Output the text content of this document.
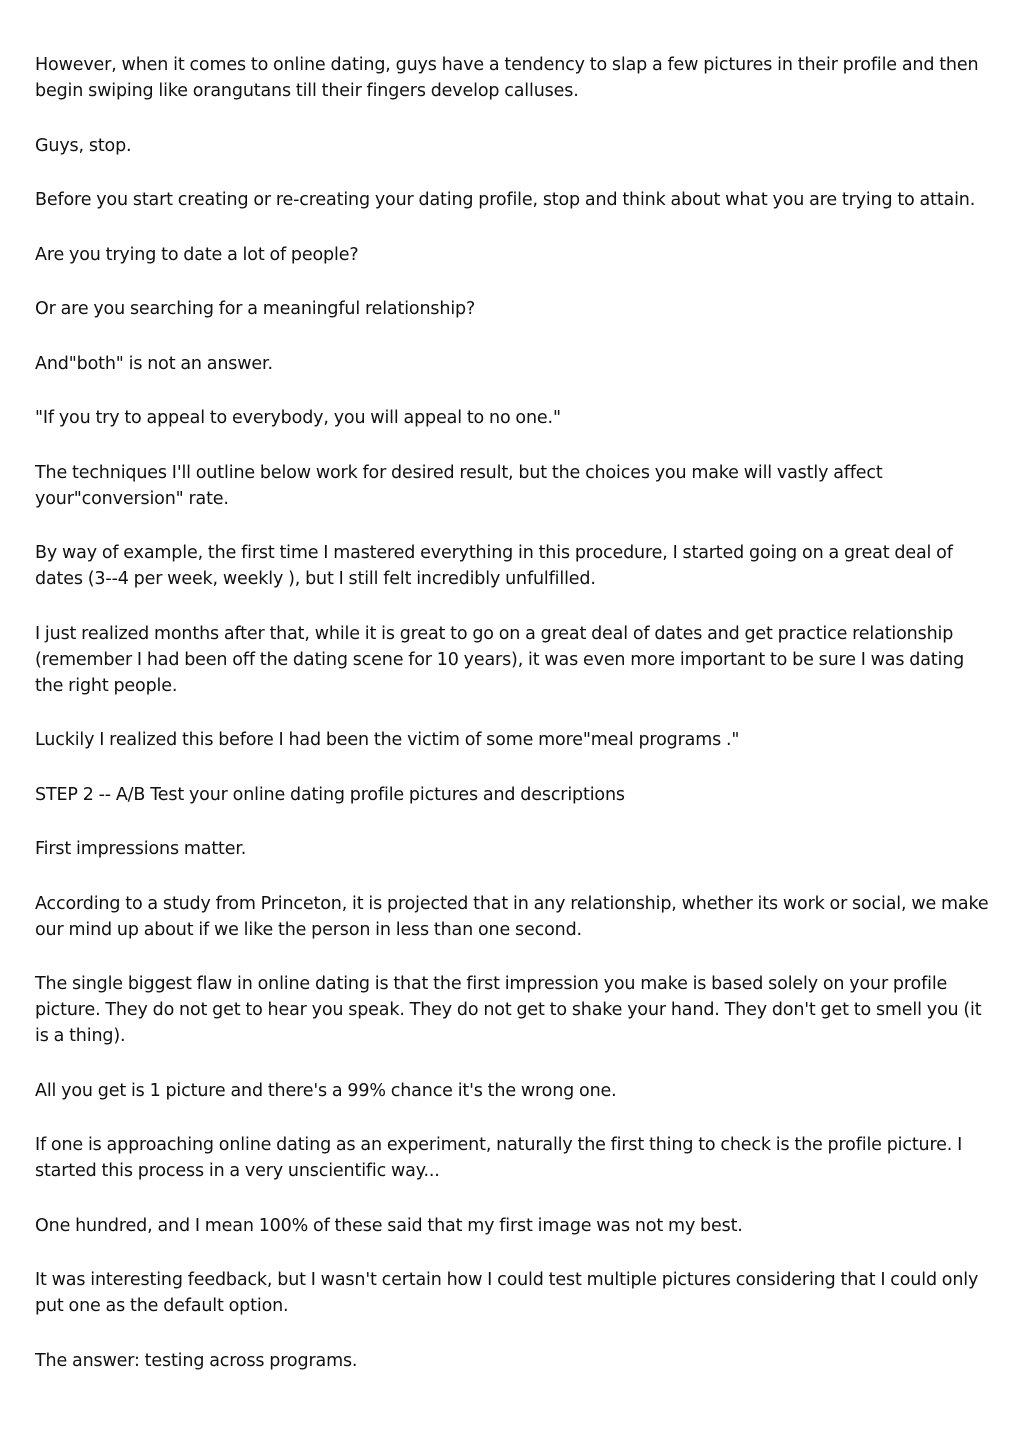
However, when it comes to online dating, guys have a tendency to slap a few pictures in their profile and then begin swiping like orangutans till their fingers develop calluses.

Guys, stop.

Before you start creating or re-creating your dating profile, stop and think about what you are trying to attain.

Are you trying to date a lot of people?

Or are you searching for a meaningful relationship?

And"both" is not an answer.

"If you try to appeal to everybody, you will appeal to no one."

The techniques I'll outline below work for desired result, but the choices you make will vastly affect your"conversion" rate.

By way of example, the first time I mastered everything in this procedure, I started going on a great deal of dates (3--4 per week, weekly ), but I still felt incredibly unfulfilled.

I just realized months after that, while it is great to go on a great deal of dates and get practice relationship (remember I had been off the dating scene for 10 years), it was even more important to be sure I was dating the right people.

Luckily I realized this before I had been the victim of some more"meal programs ."

STEP 2 -- A/B Test your online dating profile pictures and descriptions

First impressions matter.

According to a study from Princeton, it is projected that in any relationship, whether its work or social, we make our mind up about if we like the person in less than one second.

The single biggest flaw in online dating is that the first impression you make is based solely on your profile picture. They do not get to hear you speak. They do not get to shake your hand. They don't get to smell you (it is a thing).

All you get is 1 picture and there's a 99% chance it's the wrong one.

If one is approaching online dating as an experiment, naturally the first thing to check is the profile picture. I started this process in a very unscientific way...

One hundred, and I mean 100% of these said that my first image was not my best.

It was interesting feedback, but I wasn't certain how I could test multiple pictures considering that I could only put one as the default option.

The answer: testing across programs.
